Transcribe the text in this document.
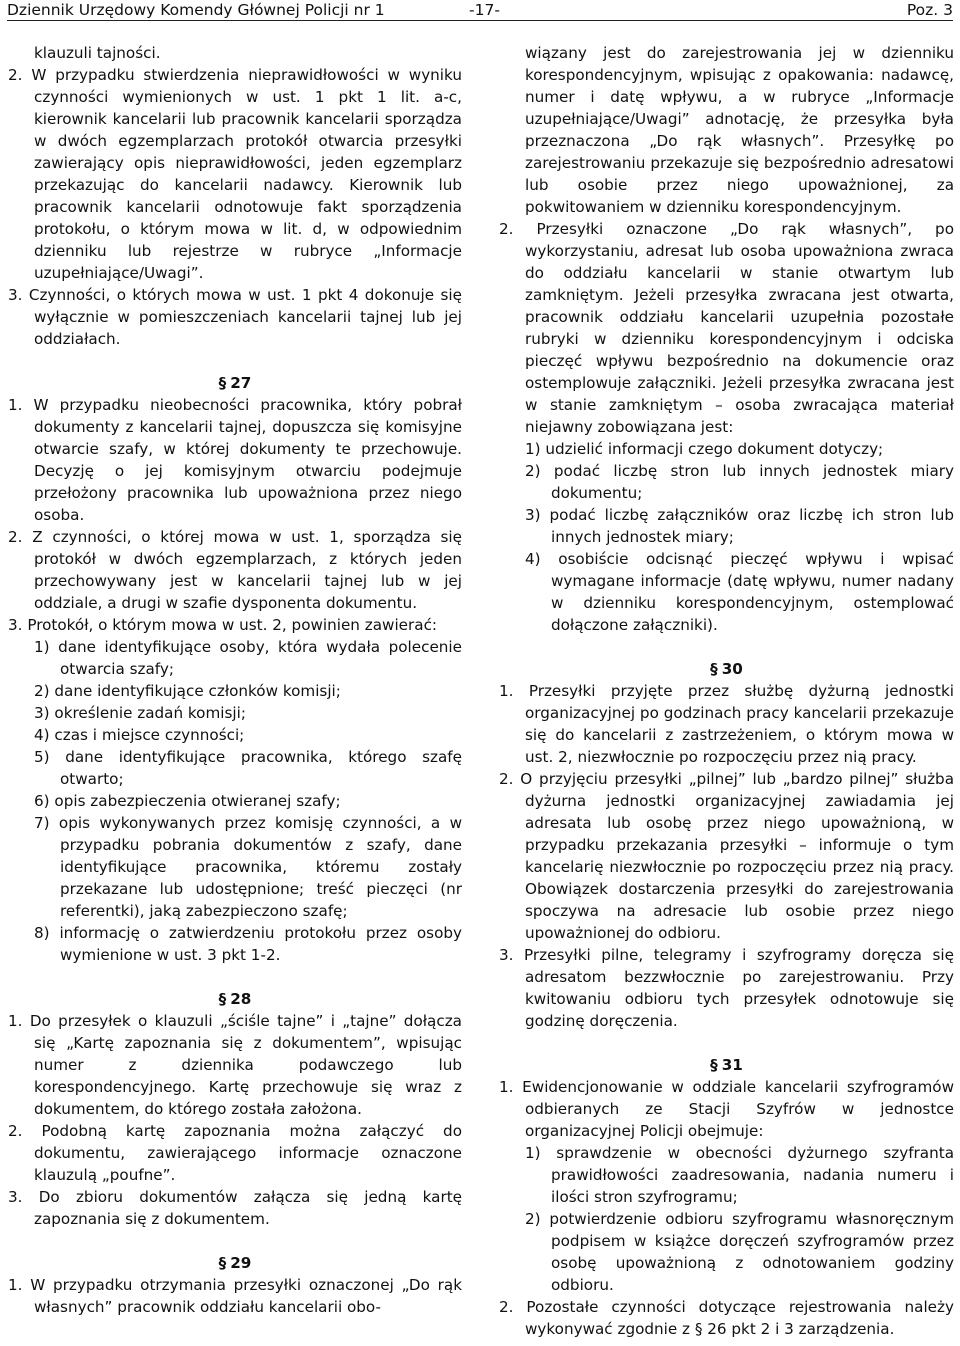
Dziennik Urzędowy Komendy Głównej Policji nr 1	-17-	Poz. 3

klauzuli tajności.

2. W przypadku stwierdzenia nieprawidłowości w wyniku czynności wymienionych w ust. 1 pkt 1 lit. a-c, kierownik kancelarii lub pracownik kancelarii sporządza w dwóch egzemplarzach protokół otwarcia przesyłki zawierający opis nieprawidłowości, jeden egzemplarz przekazując do kancelarii nadawcy. Kierownik lub pracownik kancelarii odnotowuje fakt sporządzenia protokołu, o którym mowa w lit. d, w odpowiednim dzienniku lub rejestrze w rubryce „Informacje uzupełniające/Uwagi”.

3. Czynności, o których mowa w ust. 1 pkt 4 dokonuje się wyłącznie w pomieszczeniach kancelarii tajnej lub jej oddziałach.

§ 27

1. W przypadku nieobecności pracownika, który pobrał dokumenty z kancelarii tajnej, dopuszcza się komisyjne otwarcie szafy, w której dokumenty te przechowuje. Decyzję o jej komisyjnym otwarciu podejmuje przełożony pracownika lub upoważniona przez niego osoba.

2. Z czynności, o której mowa w ust. 1, sporządza się protokół w dwóch egzemplarzach, z których jeden przechowywany jest w kancelarii tajnej lub w jej oddziale, a drugi w szafie dysponenta dokumentu.

3. Protokół, o którym mowa w ust. 2, powinien zawierać:

1) dane identyfikujące osoby, która wydała polecenie otwarcia szafy;

2) dane identyfikujące członków komisji;

3) określenie zadań komisji;

4) czas i miejsce czynności;

5) dane identyfikujące pracownika, którego szafę otwarto;

6) opis zabezpieczenia otwieranej szafy;

7) opis wykonywanych przez komisję czynności, a w przypadku pobrania dokumentów z szafy, dane identyfikujące pracownika, któremu zostały przekazane lub udostępnione; treść pieczęci (nr referentki), jaką zabezpieczono szafę;

8) informację o zatwierdzeniu protokołu przez osoby wymienione w ust. 3 pkt 1-2.

§ 28

1. Do przesyłek o klauzuli „ściśle tajne” i „tajne” dołącza się „Kartę zapoznania się z dokumentem”, wpisując numer z dziennika podawczego lub korespondencyjnego. Kartę przechowuje się wraz z dokumentem, do którego została założona.

2. Podobną kartę zapoznania można załączyć do dokumentu, zawierającego informacje oznaczone klauzulą „poufne”.

3. Do zbioru dokumentów załącza się jedną kartę zapoznania się z dokumentem.

§ 29

1. W przypadku otrzymania przesyłki oznaczonej „Do rąk własnych” pracownik oddziału kancelarii obo-

wiązany jest do zarejestrowania jej w dzienniku korespondencyjnym, wpisując z opakowania: nadawcę, numer i datę wpływu, a w rubryce „Informacje uzupełniające/Uwagi” adnotację, że przesyłka była przeznaczona „Do rąk własnych”. Przesyłkę po zarejestrowaniu przekazuje się bezpośrednio adresatowi lub osobie przez niego upoważnionej, za pokwitowaniem w dzienniku korespondencyjnym.

2. Przesyłki oznaczone „Do rąk własnych”, po wykorzystaniu, adresat lub osoba upoważniona zwraca do oddziału kancelarii w stanie otwartym lub zamkniętym. Jeżeli przesyłka zwracana jest otwarta, pracownik oddziału kancelarii uzupełnia pozostałe rubryki w dzienniku korespondencyjnym i odciska pieczęć wpływu bezpośrednio na dokumencie oraz ostemplowuje załączniki. Jeżeli przesyłka zwracana jest w stanie zamkniętym – osoba zwracająca materiał niejawny zobowiązana jest:

1) udzielić informacji czego dokument dotyczy;

2) podać liczbę stron lub innych jednostek miary dokumentu;

3) podać liczbę załączników oraz liczbę ich stron lub innych jednostek miary;

4) osobiście odcisnąć pieczęć wpływu i wpisać wymagane informacje (datę wpływu, numer nadany w dzienniku korespondencyjnym, ostemplować dołączone załączniki).

§ 30

1. Przesyłki przyjęte przez służbę dyżurną jednostki organizacyjnej po godzinach pracy kancelarii przekazuje się do kancelarii z zastrzeżeniem, o którym mowa w ust. 2, niezwłocznie po rozpoczęciu przez nią pracy.

2. O przyjęciu przesyłki „pilnej” lub „bardzo pilnej” służba dyżurna jednostki organizacyjnej zawiadamia jej adresata lub osobę przez niego upoważnioną, w przypadku przekazania przesyłki – informuje o tym kancelarię niezwłocznie po rozpoczęciu przez nią pracy. Obowiązek dostarczenia przesyłki do zarejestrowania spoczywa na adresacie lub osobie przez niego upoważnionej do odbioru.

3. Przesyłki pilne, telegramy i szyfrogramy doręcza się adresatom bezzwłocznie po zarejestrowaniu. Przy kwitowaniu odbioru tych przesyłek odnotowuje się godzinę doręczenia.

§ 31

1. Ewidencjonowanie w oddziale kancelarii szyfrogramów odbieranych ze Stacji Szyfrów w jednostce organizacyjnej Policji obejmuje:

1) sprawdzenie w obecności dyżurnego szyfranta prawidłowości zaadresowania, nadania numeru i ilości stron szyfrogramu;

2) potwierdzenie odbioru szyfrogramu własnoręcznym podpisem w książce doręczeń szyfrogramów przez osobę upoważnioną z odnotowaniem godziny odbioru.

2. Pozostałe czynności dotyczące rejestrowania należy wykonywać zgodnie z § 26 pkt 2 i 3 zarządzenia.
